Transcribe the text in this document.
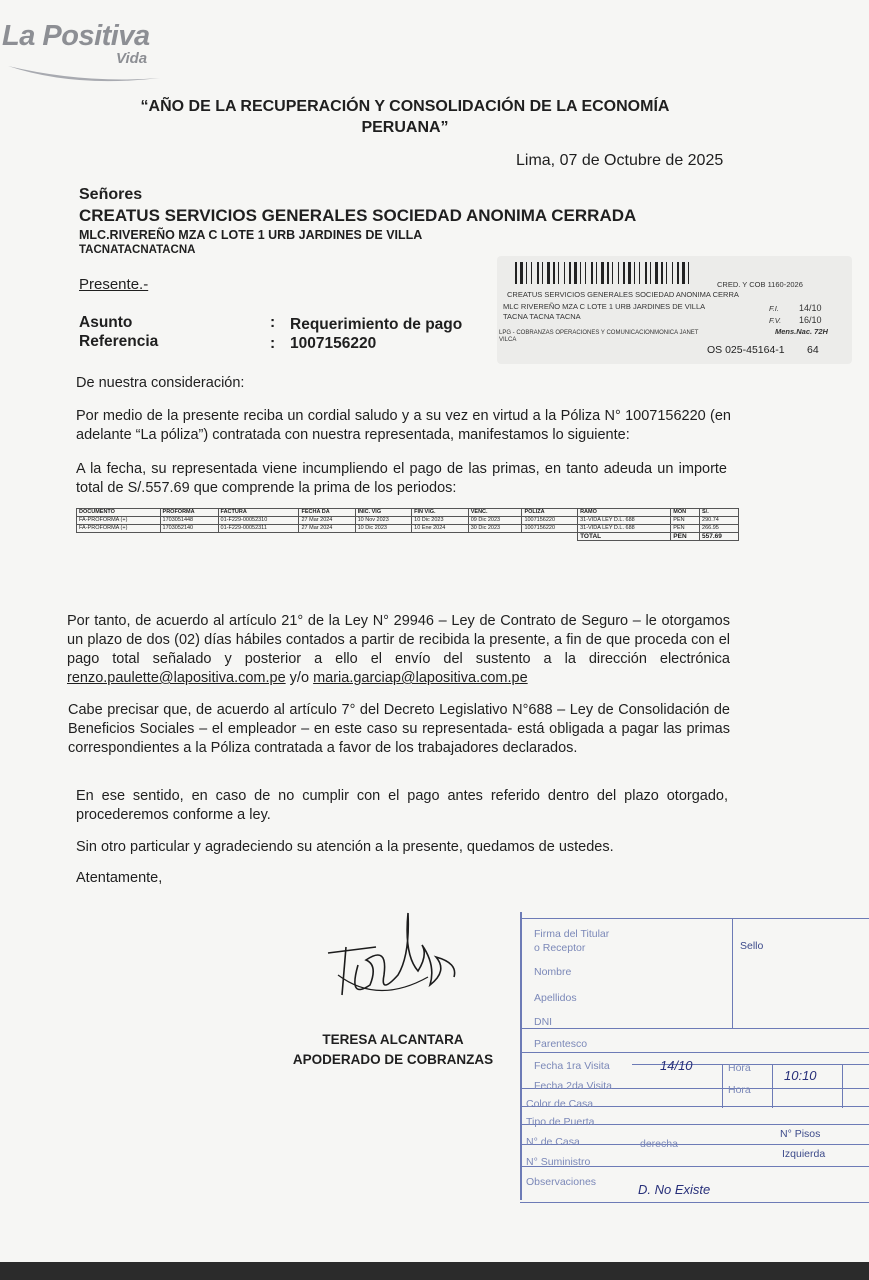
La Positiva
Vida
“AÑO DE LA RECUPERACIÓN Y CONSOLIDACIÓN DE LA ECONOMÍA PERUANA”
Lima, 07 de Octubre de 2025
Señores
CREATUS SERVICIOS GENERALES SOCIEDAD ANONIMA CERRADA
MLC.RIVEREÑO MZA C LOTE 1 URB JARDINES DE VILLA
TACNATACNATACNA
Presente.-
Asunto	: Requerimiento de pago
Referencia	: 1007156220
CRED. Y COB 1160-2026
CREATUS SERVICIOS GENERALES SOCIEDAD ANONIMA CERRA
MLC RIVEREÑO MZA C LOTE 1 URB JARDINES DE VILLA
TACNA TACNA TACNA
F.I. 14/10
F.V. 16/10
Mens.Nac. 72H
LPG - COBRANZAS OPERACIONES Y COMUNICACIONMONICA JANET
VILCA
OS 025-45164-1 64
De nuestra consideración:
Por medio de la presente reciba un cordial saludo y a su vez en virtud a la Póliza N° 1007156220 (en adelante “La póliza”) contratada con nuestra representada, manifestamos lo siguiente:
A la fecha, su representada viene incumpliendo el pago de las primas, en tanto adeuda un importe total de S/.557.69 que comprende la prima de los periodos:
DOCUMENTO	PROFORMA	FACTURA	FECHA DA	INIC. VIG	FIN VIG.	VENC.	POLIZA	RAMO	MON	S/.
FA-PROFORMA (+)	1703051448	01-F229-00052310	27 Mar 2024	10 Nov 2023	10 Dic 2023	09 Dic 2023	1007156220	31-VIDA LEY D.L. 688	PEN	290.74
FA-PROFORMA (+)	1703052140	01-F229-00052311	27 Mar 2024	10 Dic 2023	10 Ene 2024	30 Dic 2023	1007156220	31-VIDA LEY D.L. 688	PEN	266.95
								TOTAL	PEN	557.69
Por tanto, de acuerdo al artículo 21° de la Ley N° 29946 – Ley de Contrato de Seguro – le otorgamos un plazo de dos (02) días hábiles contados a partir de recibida la presente, a fin de que proceda con el pago total señalado y posterior a ello el envío del sustento a la dirección electrónica renzo.paulette@lapositiva.com.pe y/o maria.garciap@lapositiva.com.pe
Cabe precisar que, de acuerdo al artículo 7° del Decreto Legislativo N°688 – Ley de Consolidación de Beneficios Sociales – el empleador – en este caso su representada- está obligada a pagar las primas correspondientes a la Póliza contratada a favor de los trabajadores declarados.
En ese sentido, en caso de no cumplir con el pago antes referido dentro del plazo otorgado, procederemos conforme a ley.
Sin otro particular y agradeciendo su atención a la presente, quedamos de ustedes.
Atentamente,
TERESA ALCANTARA
APODERADO DE COBRANZAS
Firma del Titular
o Receptor	Sello
Nombre
Apellidos
DNI
Parentesco
Fecha 1ra Visita	14/10	Hora	10:10
Fecha 2da Visita	Hora
Color de Casa
Tipo de Puerta
N° Pisos
N° de Casa	derecha
Izquierda
N° Suministro
Observaciones	D. No Existe
